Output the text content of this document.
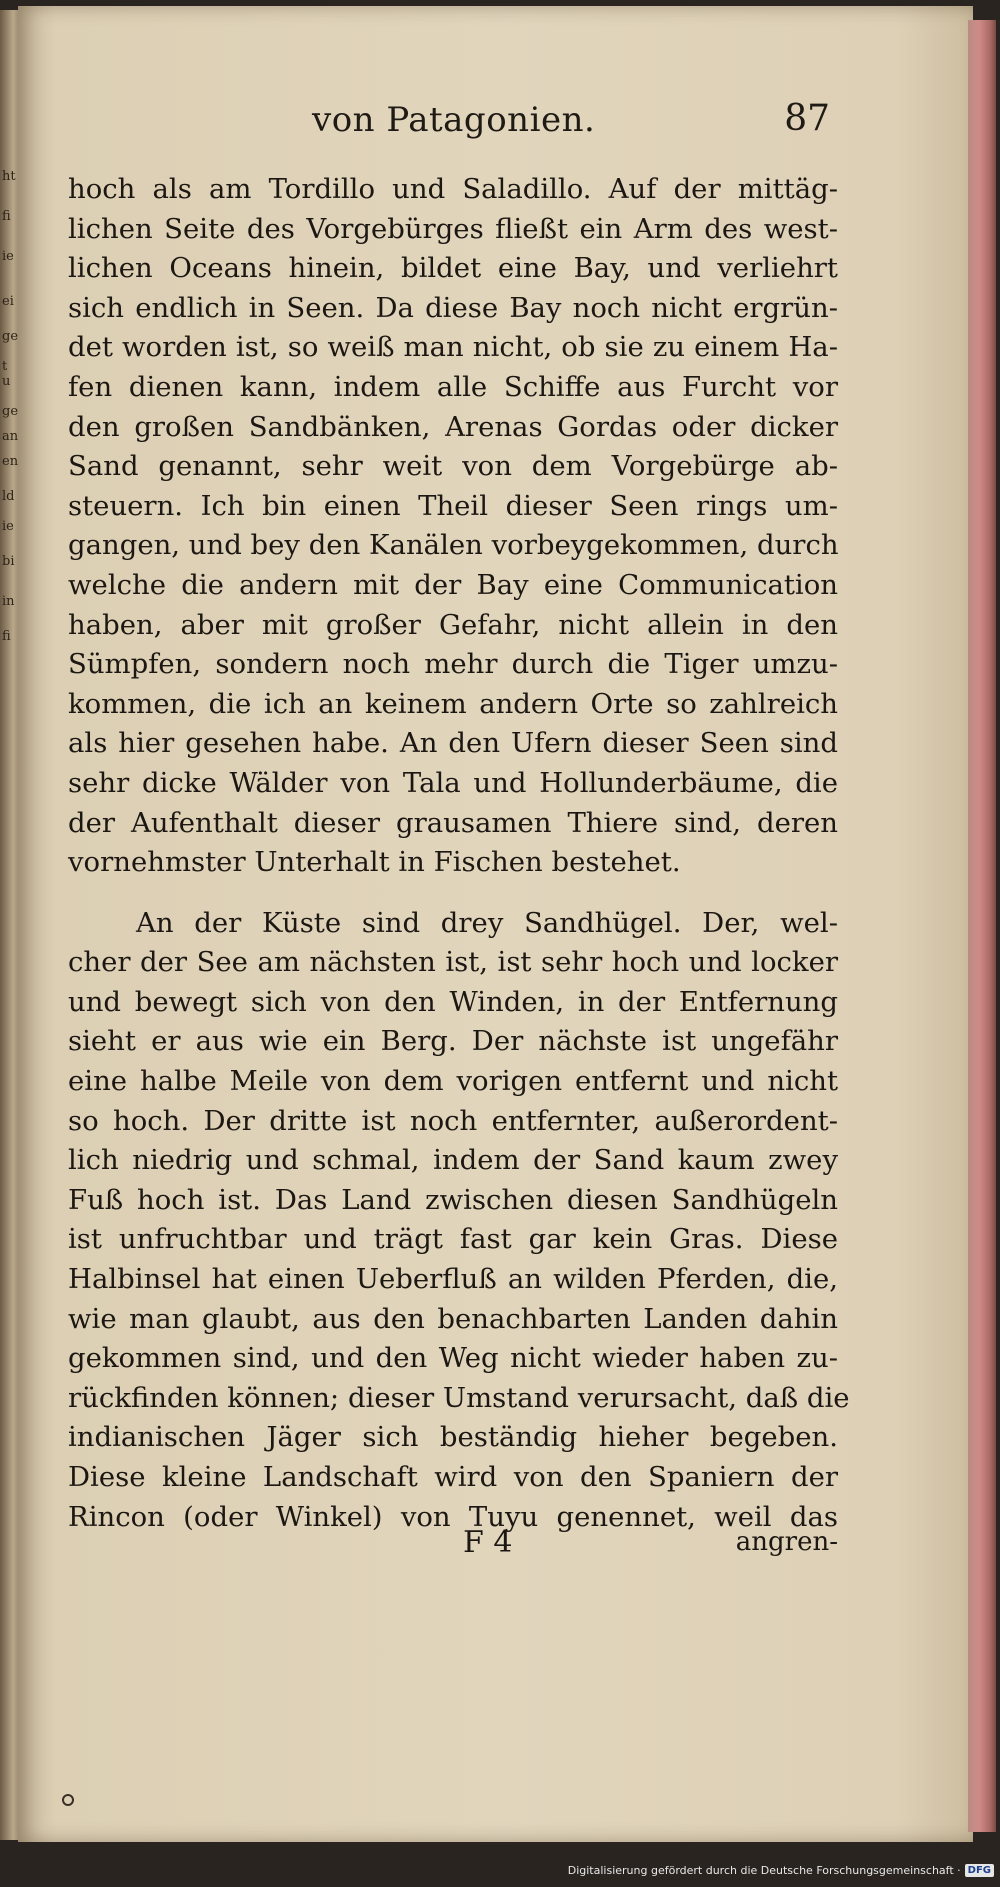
ht
fi
ie
ei
ge
t u
ge
an
en
ld
ie
bi
in
fi
von Patagonien.	87
hoch als am Tordillo und Saladillo. Auf der mittäg-
lichen Seite des Vorgebürges fließt ein Arm des west-
lichen Oceans hinein, bildet eine Bay, und verliehrt
sich endlich in Seen. Da diese Bay noch nicht ergrün-
det worden ist, so weiß man nicht, ob sie zu einem Ha-
fen dienen kann, indem alle Schiffe aus Furcht vor
den großen Sandbänken, Arenas Gordas oder dicker
Sand genannt, sehr weit von dem Vorgebürge ab-
steuern. Ich bin einen Theil dieser Seen rings um-
gangen, und bey den Kanälen vorbeygekommen, durch
welche die andern mit der Bay eine Communication
haben, aber mit großer Gefahr, nicht allein in den
Sümpfen, sondern noch mehr durch die Tiger umzu-
kommen, die ich an keinem andern Orte so zahlreich
als hier gesehen habe. An den Ufern dieser Seen sind
sehr dicke Wälder von Tala und Hollunderbäume, die
der Aufenthalt dieser grausamen Thiere sind, deren
vornehmster Unterhalt in Fischen bestehet.
An der Küste sind drey Sandhügel. Der, wel-
cher der See am nächsten ist, ist sehr hoch und locker
und bewegt sich von den Winden, in der Entfernung
sieht er aus wie ein Berg. Der nächste ist ungefähr
eine halbe Meile von dem vorigen entfernt und nicht
so hoch. Der dritte ist noch entfernter, außerordent-
lich niedrig und schmal, indem der Sand kaum zwey
Fuß hoch ist. Das Land zwischen diesen Sandhügeln
ist unfruchtbar und trägt fast gar kein Gras. Diese
Halbinsel hat einen Ueberfluß an wilden Pferden, die,
wie man glaubt, aus den benachbarten Landen dahin
gekommen sind, und den Weg nicht wieder haben zu-
rückfinden können; dieser Umstand verursacht, daß die
indianischen Jäger sich beständig hieher begeben.
Diese kleine Landschaft wird von den Spaniern der
Rincon (oder Winkel) von Tuyu genennet, weil das
F 4	angren-
Digitalisierung gefördert durch die Deutsche Forschungsgemeinschaft · DFG
